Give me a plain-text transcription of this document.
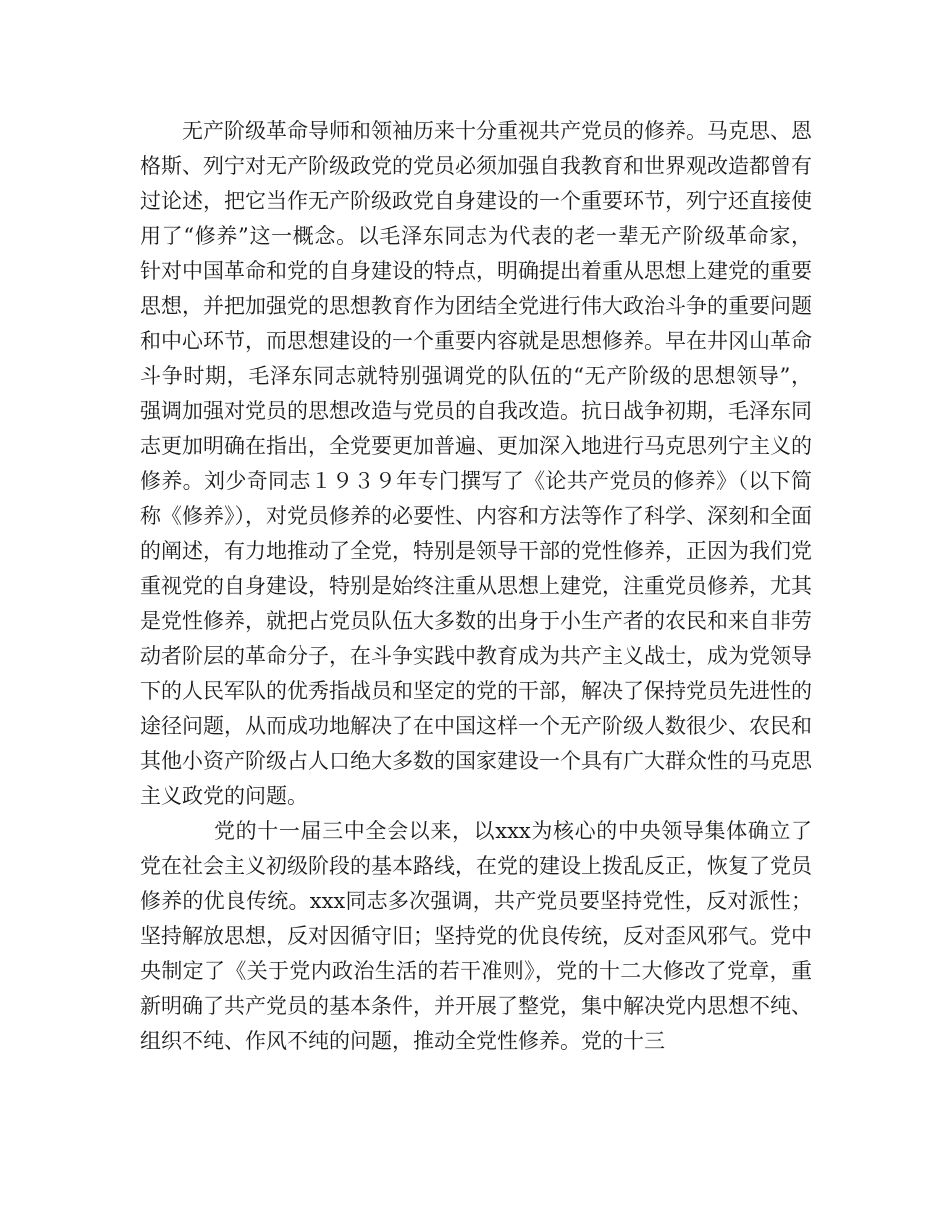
无产阶级革命导师和领袖历来十分重视共产党员的修养。马克思、恩格斯、列宁对无产阶级政党的党员必须加强自我教育和世界观改造都曾有过论述，把它当作无产阶级政党自身建设的一个重要环节，列宁还直接使用了“修养”这一概念。以毛泽东同志为代表的老一辈无产阶级革命家，针对中国革命和党的自身建设的特点，明确提出着重从思想上建党的重要思想，并把加强党的思想教育作为团结全党进行伟大政治斗争的重要问题和中心环节，而思想建设的一个重要内容就是思想修养。早在井冈山革命斗争时期，毛泽东同志就特别强调党的队伍的“无产阶级的思想领导”，强调加强对党员的思想改造与党员的自我改造。抗日战争初期，毛泽东同志更加明确在指出，全党要更加普遍、更加深入地进行马克思列宁主义的修养。刘少奇同志１９３９年专门撰写了《论共产党员的修养》（以下简称《修养》），对党员修养的必要性、内容和方法等作了科学、深刻和全面的阐述，有力地推动了全党，特别是领导干部的党性修养，正因为我们党重视党的自身建设，特别是始终注重从思想上建党，注重党员修养，尤其是党性修养，就把占党员队伍大多数的出身于小生产者的农民和来自非劳动者阶层的革命分子，在斗争实践中教育成为共产主义战士，成为党领导下的人民军队的优秀指战员和坚定的党的干部，解决了保持党员先进性的途径问题，从而成功地解决了在中国这样一个无产阶级人数很少、农民和其他小资产阶级占人口绝大多数的国家建设一个具有广大群众性的马克思主义政党的问题。

党的十一届三中全会以来，以xxx为核心的中央领导集体确立了党在社会主义初级阶段的基本路线，在党的建设上拨乱反正，恢复了党员修养的优良传统。xxx同志多次强调，共产党员要坚持党性，反对派性；坚持解放思想，反对因循守旧；坚持党的优良传统，反对歪风邪气。党中央制定了《关于党内政治生活的若干准则》，党的十二大修改了党章，重新明确了共产党员的基本条件，并开展了整党，集中解决党内思想不纯、组织不纯、作风不纯的问题，推动全党性修养。党的十三
